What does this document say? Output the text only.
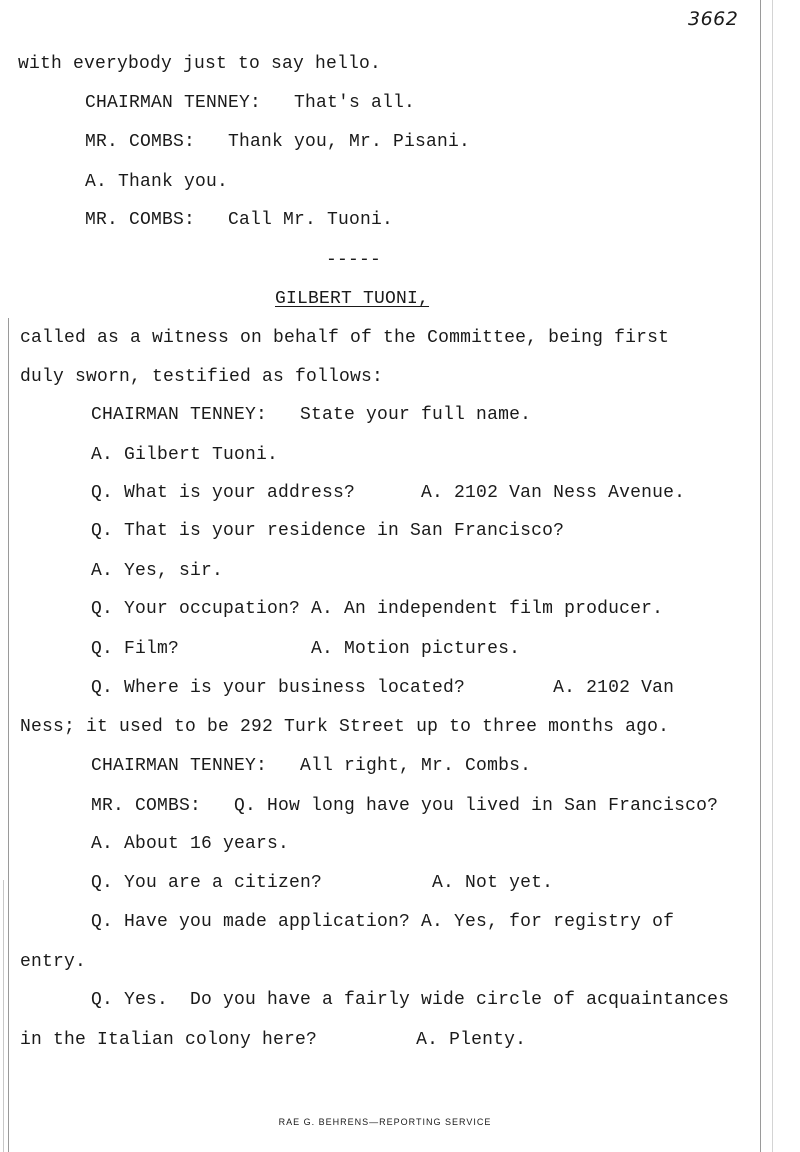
3662
with everybody just to say hello.
CHAIRMAN TENNEY:   That's all.
MR. COMBS:   Thank you, Mr. Pisani.
A. Thank you.
MR. COMBS:   Call Mr. Tuoni.
-----
GILBERT TUONI,
called as a witness on behalf of the Committee, being first
duly sworn, testified as follows:
CHAIRMAN TENNEY:   State your full name.
A. Gilbert Tuoni.
Q. What is your address?      A. 2102 Van Ness Avenue.
Q. That is your residence in San Francisco?
A. Yes, sir.
Q. Your occupation? A. An independent film producer.
Q. Film?            A. Motion pictures.
Q. Where is your business located?        A. 2102 Van
Ness; it used to be 292 Turk Street up to three months ago.
CHAIRMAN TENNEY:   All right, Mr. Combs.
MR. COMBS:   Q. How long have you lived in San Francisco?
A. About 16 years.
Q. You are a citizen?          A. Not yet.
Q. Have you made application? A. Yes, for registry of
entry.
Q. Yes.  Do you have a fairly wide circle of acquaintances
in the Italian colony here?         A. Plenty.
RAE G. BEHRENS—REPORTING SERVICE
